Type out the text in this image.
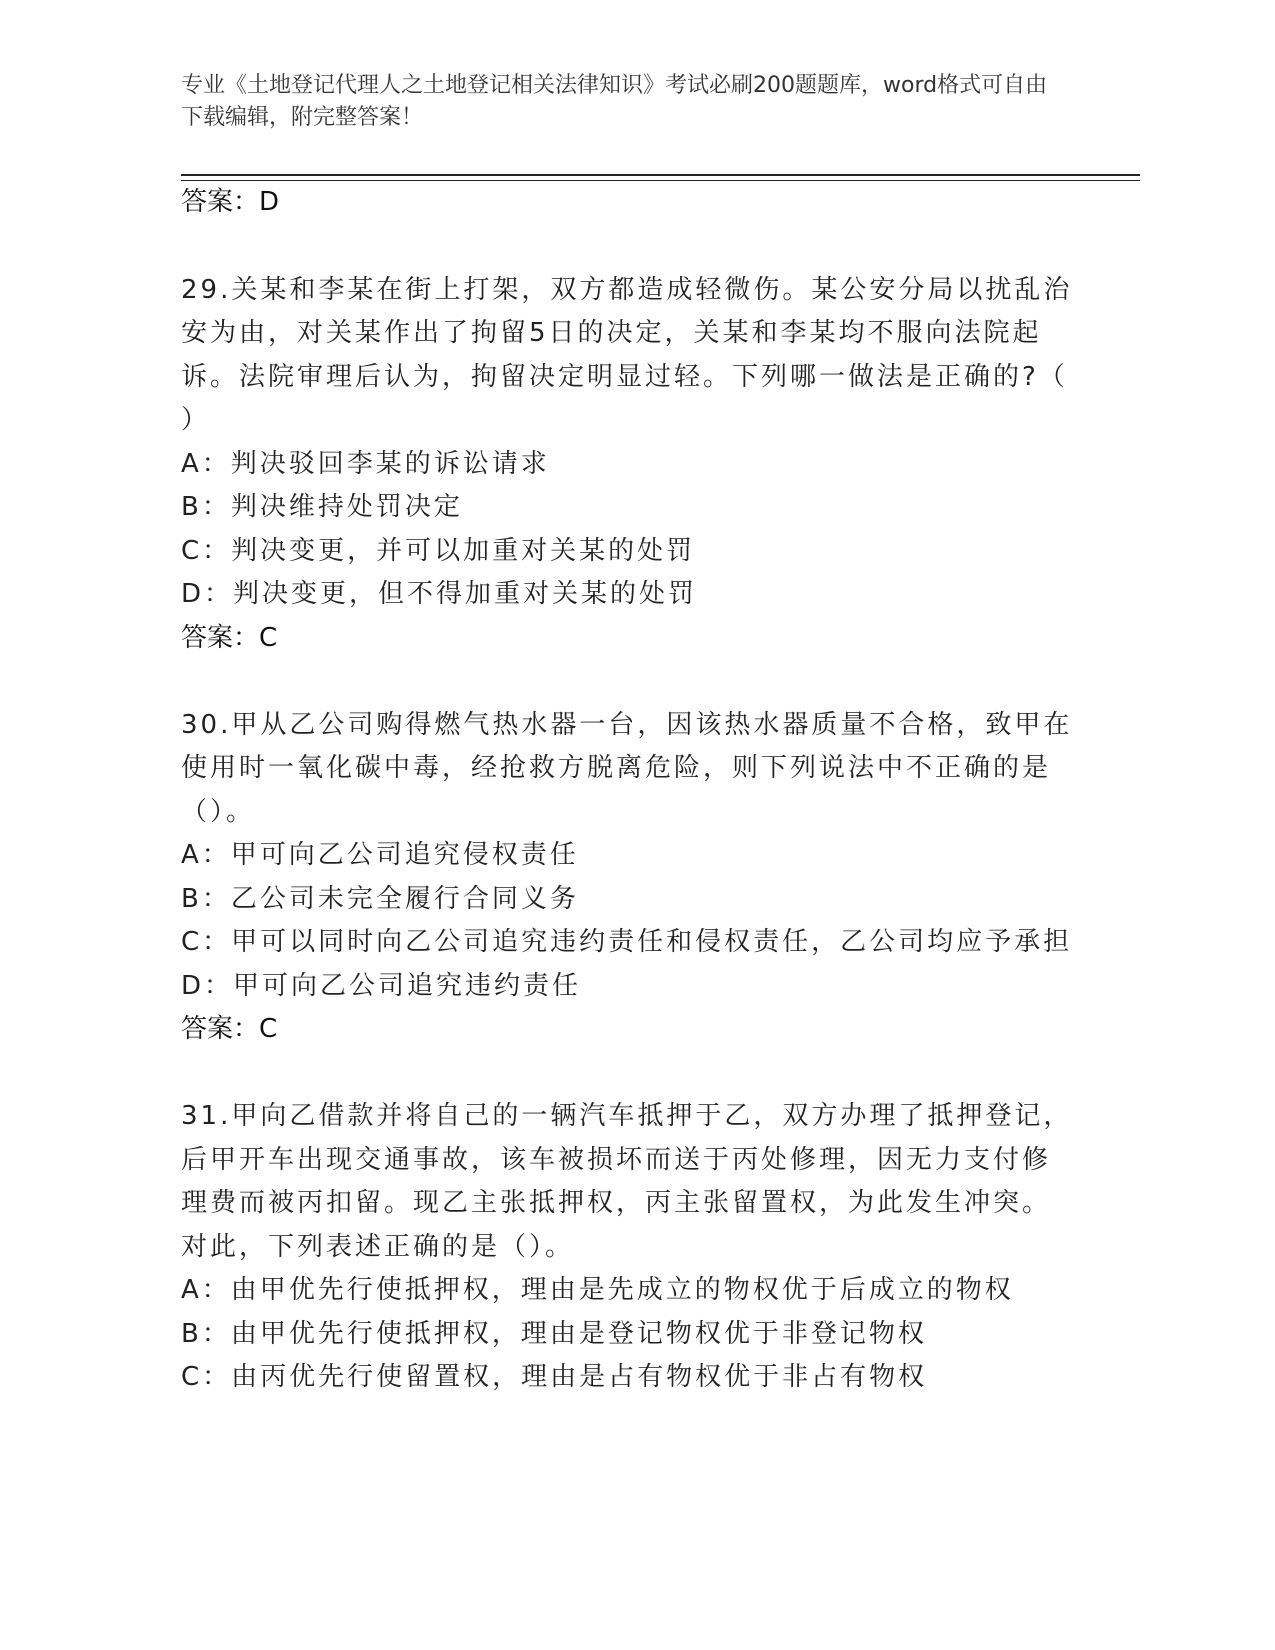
专业《土地登记代理人之土地登记相关法律知识》考试必刷200题题库，word格式可自由下载编辑，附完整答案！
答案：D
29.关某和李某在街上打架，双方都造成轻微伤。某公安分局以扰乱治
安为由，对关某作出了拘留5日的决定，关某和李某均不服向法院起
诉。法院审理后认为，拘留决定明显过轻。下列哪一做法是正确的?（
）
A：判决驳回李某的诉讼请求
B：判决维持处罚决定
C：判决变更，并可以加重对关某的处罚
D：判决变更，但不得加重对关某的处罚
答案：C
30.甲从乙公司购得燃气热水器一台，因该热水器质量不合格，致甲在
使用时一氧化碳中毒，经抢救方脱离危险，则下列说法中不正确的是
（）。
A：甲可向乙公司追究侵权责任
B：乙公司未完全履行合同义务
C：甲可以同时向乙公司追究违约责任和侵权责任，乙公司均应予承担
D：甲可向乙公司追究违约责任
答案：C
31.甲向乙借款并将自己的一辆汽车抵押于乙，双方办理了抵押登记，
后甲开车出现交通事故，该车被损坏而送于丙处修理，因无力支付修
理费而被丙扣留。现乙主张抵押权，丙主张留置权，为此发生冲突。
对此，下列表述正确的是（）。
A：由甲优先行使抵押权，理由是先成立的物权优于后成立的物权
B：由甲优先行使抵押权，理由是登记物权优于非登记物权
C：由丙优先行使留置权，理由是占有物权优于非占有物权
